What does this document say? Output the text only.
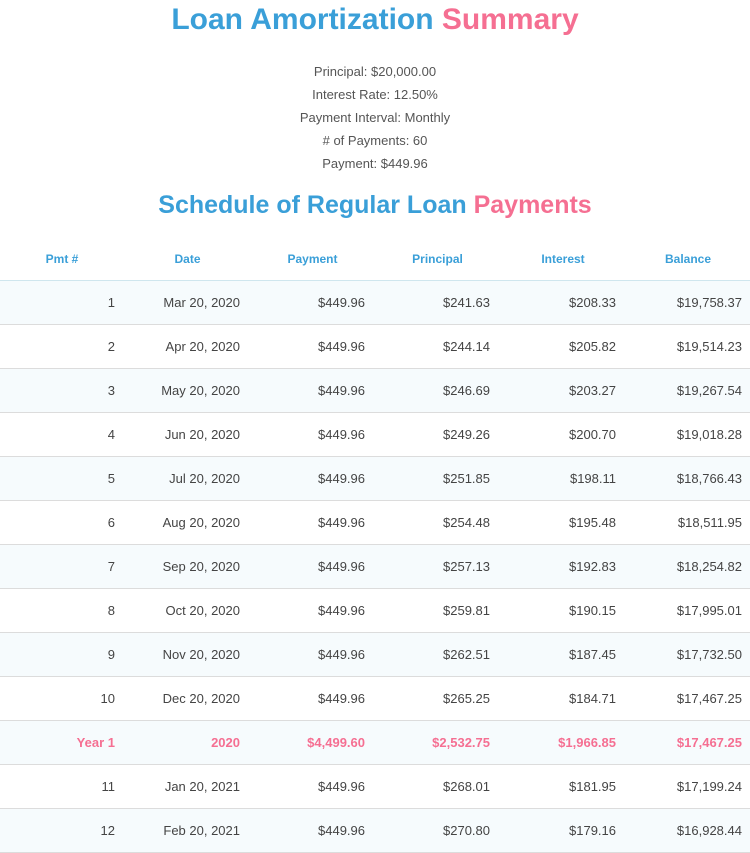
Loan Amortization Summary
Principal: $20,000.00
Interest Rate: 12.50%
Payment Interval: Monthly
# of Payments: 60
Payment: $449.96
Schedule of Regular Loan Payments
Pmt #	Date	Payment	Principal	Interest	Balance
1	Mar 20, 2020	$449.96	$241.63	$208.33	$19,758.37
2	Apr 20, 2020	$449.96	$244.14	$205.82	$19,514.23
3	May 20, 2020	$449.96	$246.69	$203.27	$19,267.54
4	Jun 20, 2020	$449.96	$249.26	$200.70	$19,018.28
5	Jul 20, 2020	$449.96	$251.85	$198.11	$18,766.43
6	Aug 20, 2020	$449.96	$254.48	$195.48	$18,511.95
7	Sep 20, 2020	$449.96	$257.13	$192.83	$18,254.82
8	Oct 20, 2020	$449.96	$259.81	$190.15	$17,995.01
9	Nov 20, 2020	$449.96	$262.51	$187.45	$17,732.50
10	Dec 20, 2020	$449.96	$265.25	$184.71	$17,467.25
Year 1	2020	$4,499.60	$2,532.75	$1,966.85	$17,467.25
11	Jan 20, 2021	$449.96	$268.01	$181.95	$17,199.24
12	Feb 20, 2021	$449.96	$270.80	$179.16	$16,928.44
